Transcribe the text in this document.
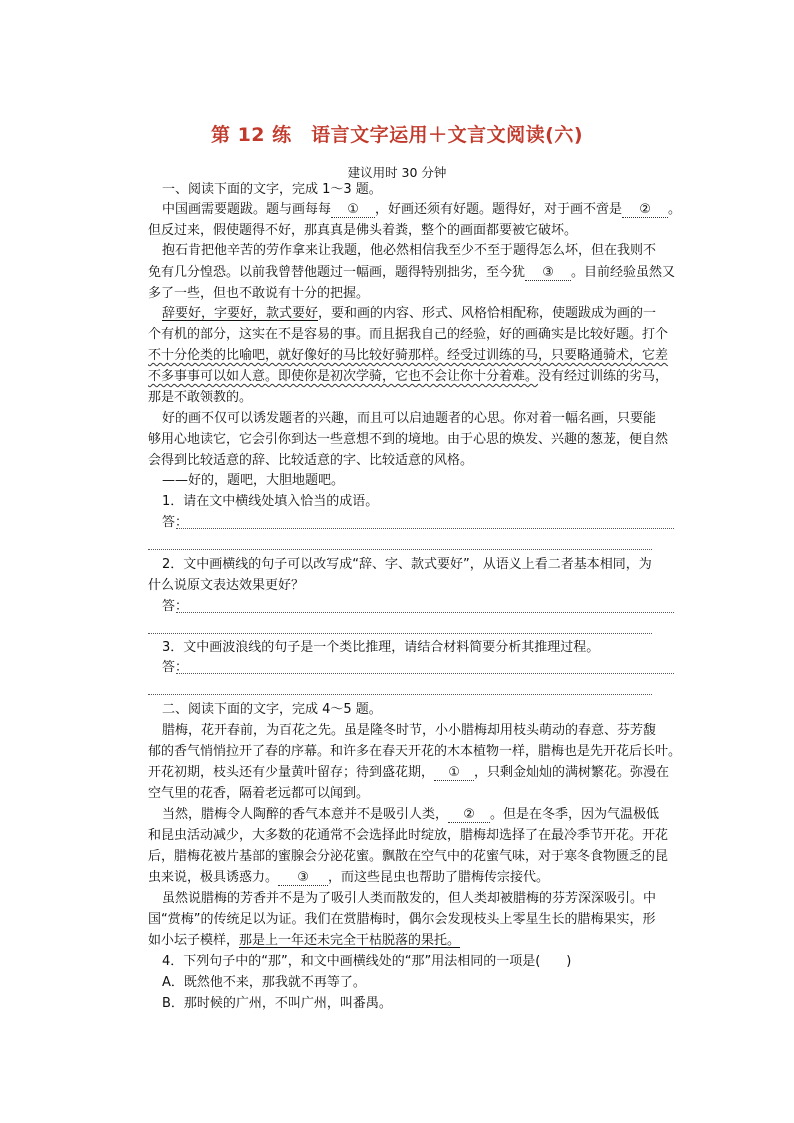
第 12 练　语言文字运用＋文言文阅读(六)
建议用时 30 分钟
一、阅读下面的文字，完成 1～3 题。
中国画需要题跋。题与画每每 ① ，好画还须有好题。题得好，对于画不啻是 ② 。
但反过来，假使题得不好，那真真是佛头着粪，整个的画面都要被它破坏。
抱石肯把他辛苦的劳作拿来让我题，他必然相信我至少不至于题得怎么坏，但在我则不
免有几分惶恐。以前我曾替他题过一幅画，题得特别拙劣，至今犹 ③ 。目前经验虽然又
多了一些，但也不敢说有十分的把握。
辞要好，字要好，款式要好，要和画的内容、形式、风格恰相配称，使题跋成为画的一
个有机的部分，这实在不是容易的事。而且据我自己的经验，好的画确实是比较好题。打个
不十分伦类的比喻吧，就好像好的马比较好骑那样。经受过训练的马，只要略通骑术，它差
不多事事可以如人意。即使你是初次学骑，它也不会让你十分着难。没有经过训练的劣马，
那是不敢领教的。
好的画不仅可以诱发题者的兴趣，而且可以启迪题者的心思。你对着一幅名画，只要能
够用心地读它，它会引你到达一些意想不到的境地。由于心思的焕发、兴趣的葱茏，便自然
会得到比较适意的辞、比较适意的字、比较适意的风格。
——好的，题吧，大胆地题吧。
1．请在文中横线处填入恰当的成语。
答：
2．文中画横线的句子可以改写成“辞、字、款式要好”，从语义上看二者基本相同，为
什么说原文表达效果更好？
答：
3．文中画波浪线的句子是一个类比推理，请结合材料简要分析其推理过程。
答：
二、阅读下面的文字，完成 4～5 题。
腊梅，花开春前，为百花之先。虽是隆冬时节，小小腊梅却用枝头萌动的春意、芬芳馥
郁的香气悄悄拉开了春的序幕。和许多在春天开花的木本植物一样，腊梅也是先开花后长叶。
开花初期，枝头还有少量黄叶留存；待到盛花期， ① ，只剩金灿灿的满树繁花。弥漫在
空气里的花香，隔着老远都可以闻到。
当然，腊梅令人陶醉的香气本意并不是吸引人类， ② 。但是在冬季，因为气温极低
和昆虫活动减少，大多数的花通常不会选择此时绽放，腊梅却选择了在最冷季节开花。开花
后，腊梅花被片基部的蜜腺会分泌花蜜。飘散在空气中的花蜜气味，对于寒冬食物匮乏的昆
虫来说，极具诱惑力。 ③ ，而这些昆虫也帮助了腊梅传宗接代。
虽然说腊梅的芳香并不是为了吸引人类而散发的，但人类却被腊梅的芬芳深深吸引。中
国“赏梅”的传统足以为证。我们在赏腊梅时，偶尔会发现枝头上零星生长的腊梅果实，形
如小坛子模样，那是上一年还未完全干枯脱落的果托。
4．下列句子中的“那”，和文中画横线处的“那”用法相同的一项是(　　)
A．既然他不来，那我就不再等了。
B．那时候的广州，不叫广州，叫番禺。
